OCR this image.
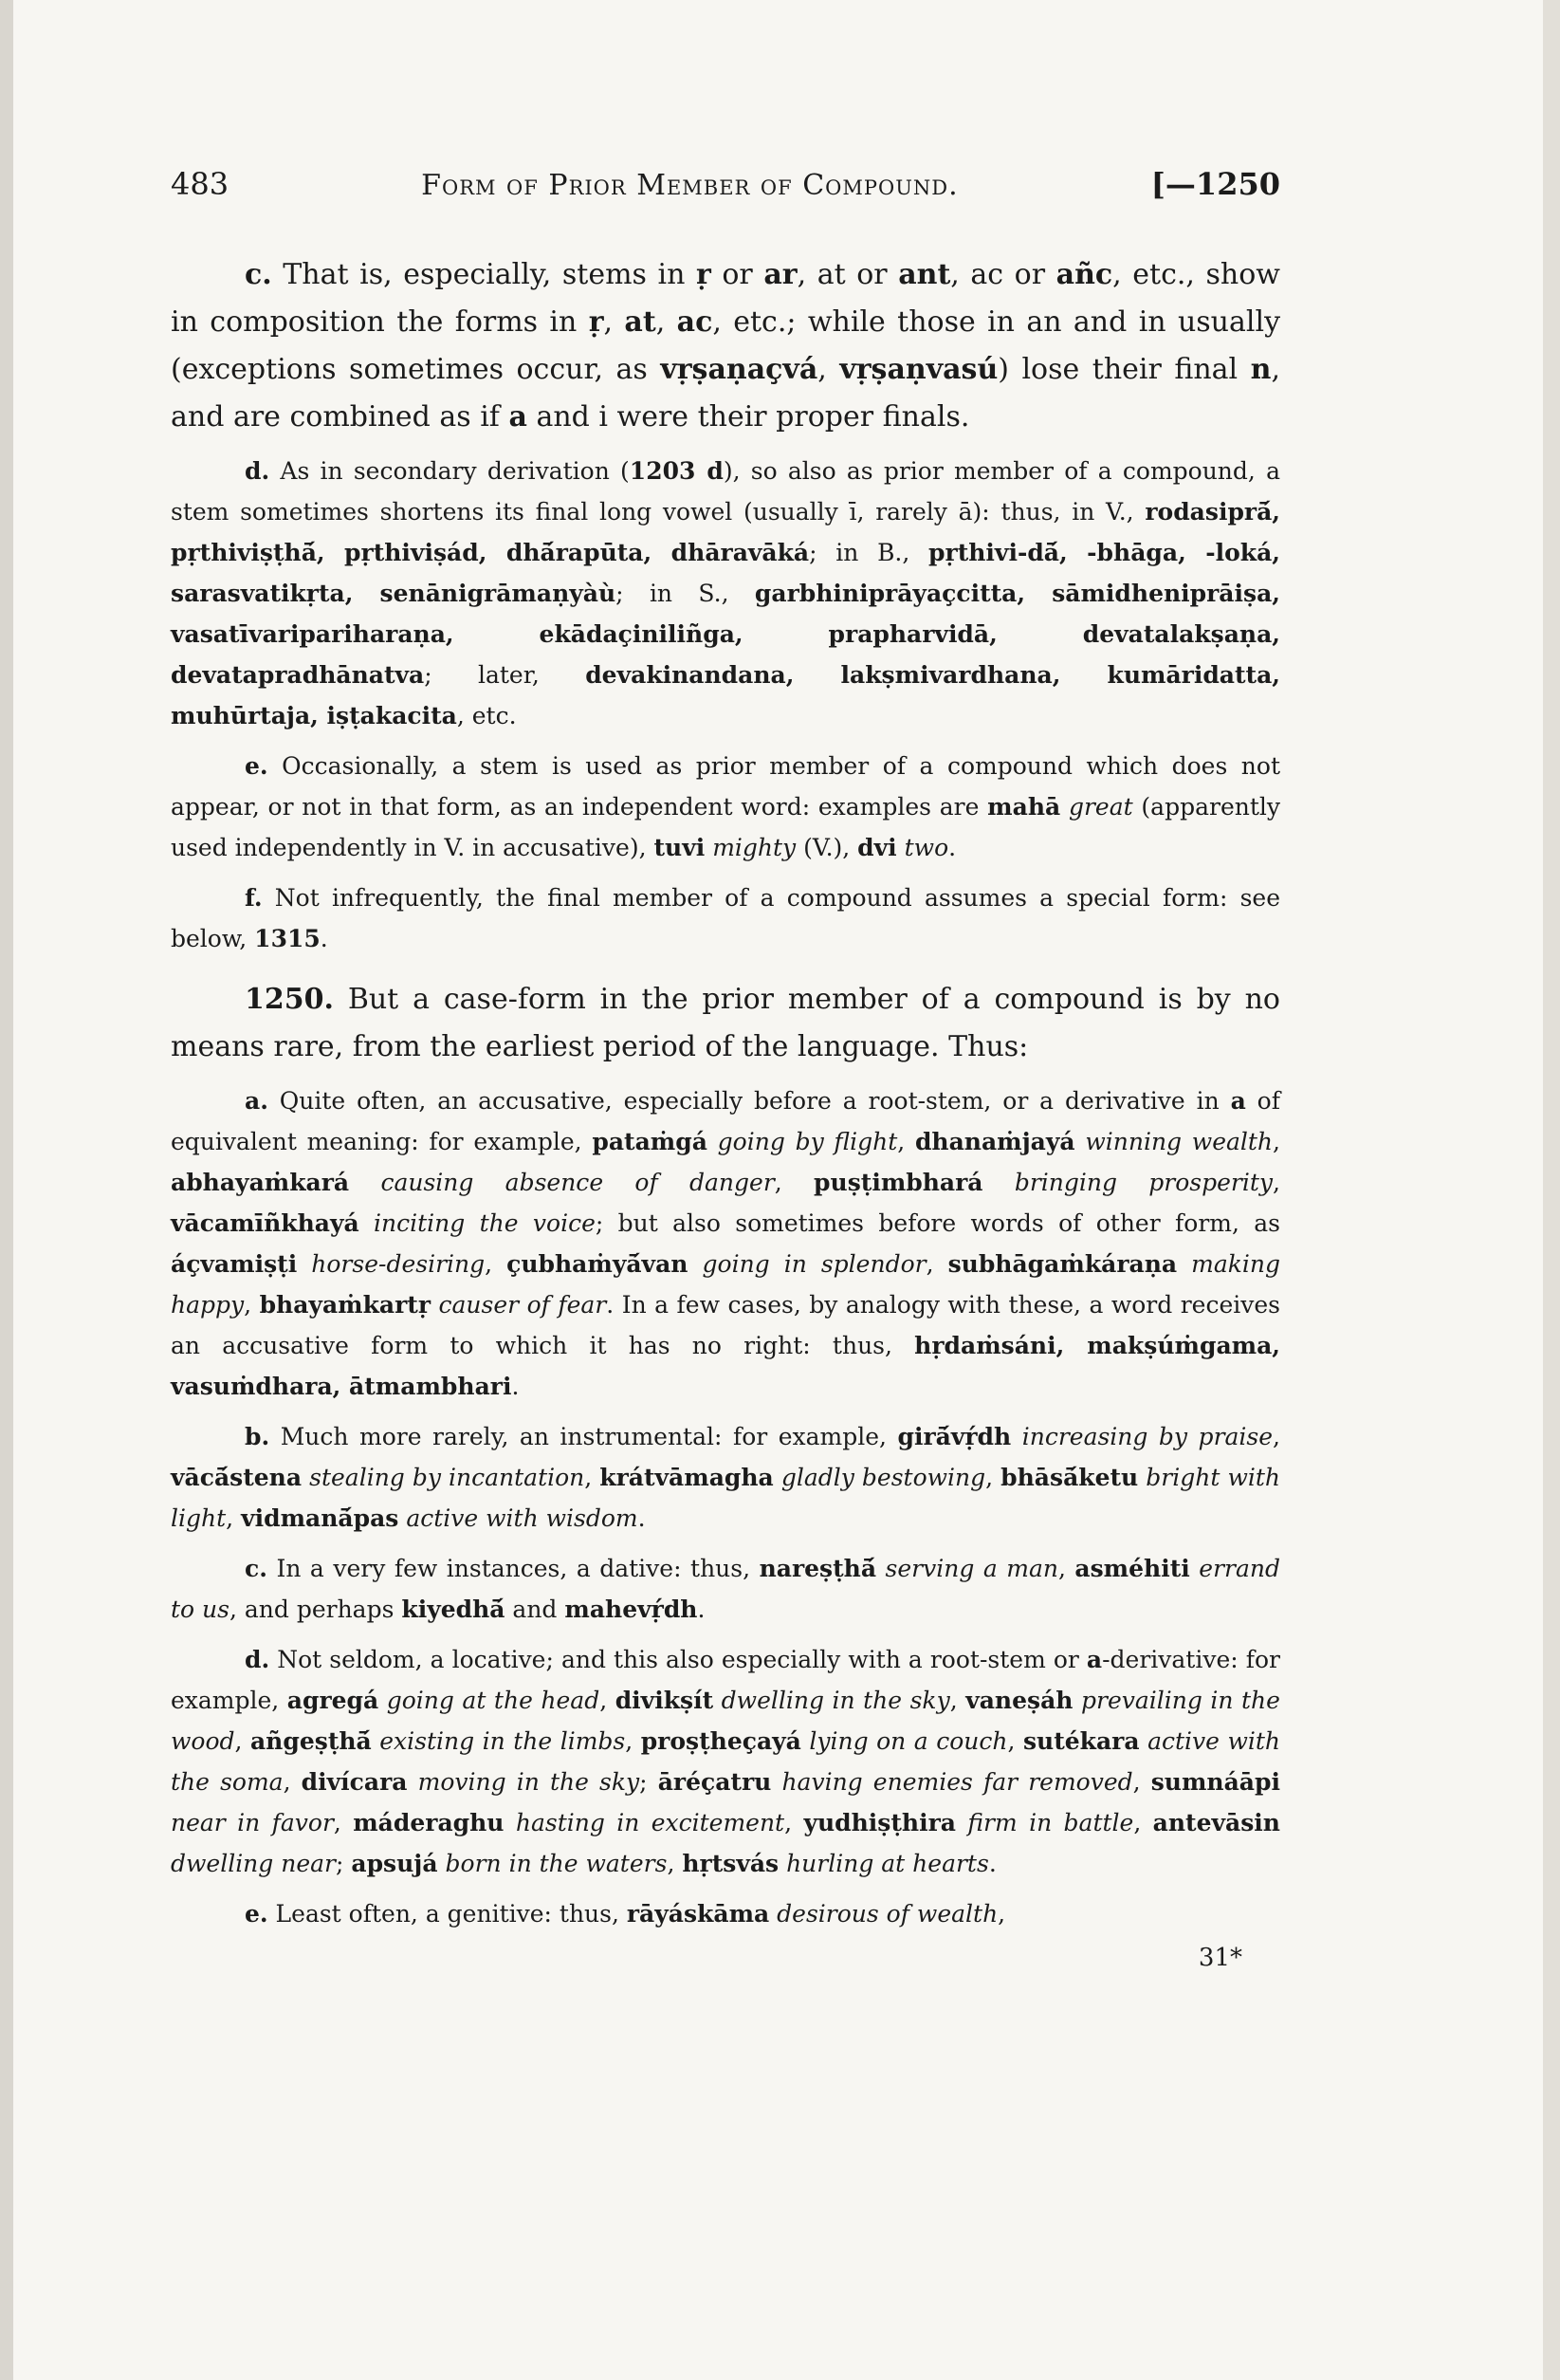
483	Form of Prior Member of Compound.	[—1250

c. That is, especially, stems in ṛ or ar, at or ant, ac or añc, etc., show in composition the forms in ṛ, at, ac, etc.; while those in an and in usually (exceptions sometimes occur, as vṛṣaṇaçvá, vṛṣaṇvasú) lose their final n, and are combined as if a and i were their proper finals.

d. As in secondary derivation (1203 d), so also as prior member of a compound, a stem sometimes shortens its final long vowel (usually ī, rarely ā): thus, in V., rodasiprā́, pṛthiviṣṭhā́, pṛthiviṣád, dhā́rapūta, dhāravāká; in B., pṛthivi-dā́, -bhāga, -loká, sarasvatikṛta, senānigrāmaṇyàù; in S., garbhiniprāyaçcitta, sāmidheniprāiṣa, vasatīvaripariharaṇa, ekādaçiniliñga, prapharvidā, devatalakṣaṇa, devatapradhānatva; later, devakinandana, lakṣmivardhana, kumāridatta, muhūrtaja, iṣṭakacita, etc.

e. Occasionally, a stem is used as prior member of a compound which does not appear, or not in that form, as an independent word: examples are mahā great (apparently used independently in V. in accusative), tuvi mighty (V.), dvi two.

f. Not infrequently, the final member of a compound assumes a special form: see below, 1315.

1250. But a case-form in the prior member of a compound is by no means rare, from the earliest period of the language. Thus:

a. Quite often, an accusative, especially before a root-stem, or a derivative in a of equivalent meaning: for example, pataṁgá going by flight, dhanaṁjayá winning wealth, abhayaṁkará causing absence of danger, puṣṭimbhará bringing prosperity, vācamīñkhayá inciting the voice; but also sometimes before words of other form, as áçvamiṣṭi horse-desiring, çubhaṁyā́van going in splendor, subhāgaṁkáraṇa making happy, bhayaṁkartṛ causer of fear. In a few cases, by analogy with these, a word receives an accusative form to which it has no right: thus, hṛdaṁsáni, makṣúṁgama, vasuṁdhara, ātmambhari.

b. Much more rarely, an instrumental: for example, girā́vṛ́dh increasing by praise, vācā́stena stealing by incantation, krátvāmagha gladly bestowing, bhāsā́ketu bright with light, vidmanā́pas active with wisdom.

c. In a very few instances, a dative: thus, nareṣṭhā́ serving a man, asméhiti errand to us, and perhaps kiyedhā́ and mahevṛ́dh.

d. Not seldom, a locative; and this also especially with a root-stem or a-derivative: for example, agregá going at the head, divikṣít dwelling in the sky, vaneṣáh prevailing in the wood, añgeṣṭhā́ existing in the limbs, proṣṭheçayá lying on a couch, sutékara active with the soma, divícara moving in the sky; āréçatru having enemies far removed, sumnáāpi near in favor, máderaghu hasting in excitement, yudhiṣṭhira firm in battle, antevāsin dwelling near; apsujá born in the waters, hṛtsvás hurling at hearts.

e. Least often, a genitive: thus, rāyáskāma desirous of wealth,

31*
